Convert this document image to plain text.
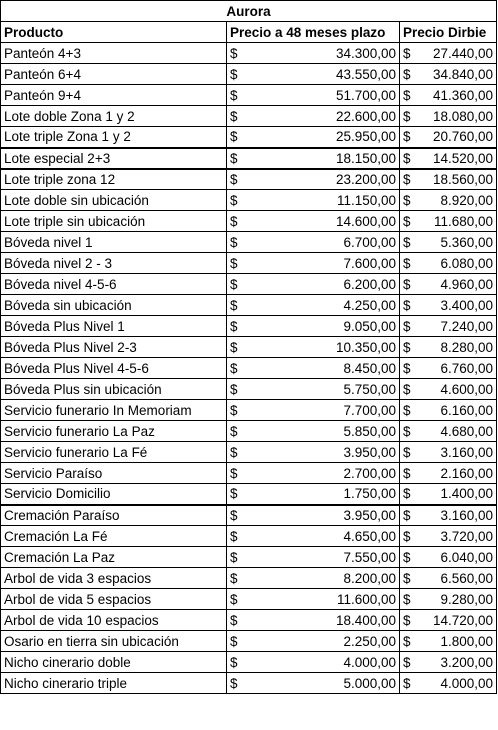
Aurora		
Producto	Precio a 48 meses plazo	Precio Dirbie
Panteón 4+3	$ 34.300,00	$ 27.440,00

Panteón 6+4	$ 43.550,00	$ 34.840,00

Panteón 9+4	$ 51.700,00	$ 41.360,00

Lote doble Zona 1 y 2	$ 22.600,00	$ 18.080,00

Lote triple Zona 1 y 2	$ 25.950,00	$ 20.760,00

Lote especial 2+3	$ 18.150,00	$ 14.520,00

Lote triple zona 12	$ 23.200,00	$ 18.560,00

Lote doble sin ubicación	$ 11.150,00	$ 8.920,00

Lote triple sin ubicación	$ 14.600,00	$ 11.680,00

Bóveda nivel 1	$ 6.700,00	$ 5.360,00

Bóveda nivel 2 - 3	$ 7.600,00	$ 6.080,00

Bóveda nivel 4-5-6	$ 6.200,00	$ 4.960,00

Bóveda sin ubicación	$ 4.250,00	$ 3.400,00

Bóveda Plus Nivel 1	$ 9.050,00	$ 7.240,00

Bóveda Plus Nivel 2-3	$ 10.350,00	$ 8.280,00

Bóveda Plus Nivel 4-5-6	$ 8.450,00	$ 6.760,00

Bóveda Plus sin ubicación	$ 5.750,00	$ 4.600,00

Servicio funerario In Memoriam	$ 7.700,00	$ 6.160,00

Servicio funerario La Paz	$ 5.850,00	$ 4.680,00

Servicio funerario La Fé	$ 3.950,00	$ 3.160,00

Servicio Paraíso	$ 2.700,00	$ 2.160,00

Servicio Domicilio	$ 1.750,00	$ 1.400,00

Cremación Paraíso	$ 3.950,00	$ 3.160,00

Cremación La Fé	$ 4.650,00	$ 3.720,00

Cremación La Paz	$ 7.550,00	$ 6.040,00

Arbol de vida 3 espacios	$ 8.200,00	$ 6.560,00

Arbol de vida 5 espacios	$ 11.600,00	$ 9.280,00

Arbol de vida 10 espacios	$ 18.400,00	$ 14.720,00

Osario en tierra sin ubicación	$ 2.250,00	$ 1.800,00

Nicho cinerario doble	$ 4.000,00	$ 3.200,00

Nicho cinerario triple	$ 5.000,00	$ 4.000,00
